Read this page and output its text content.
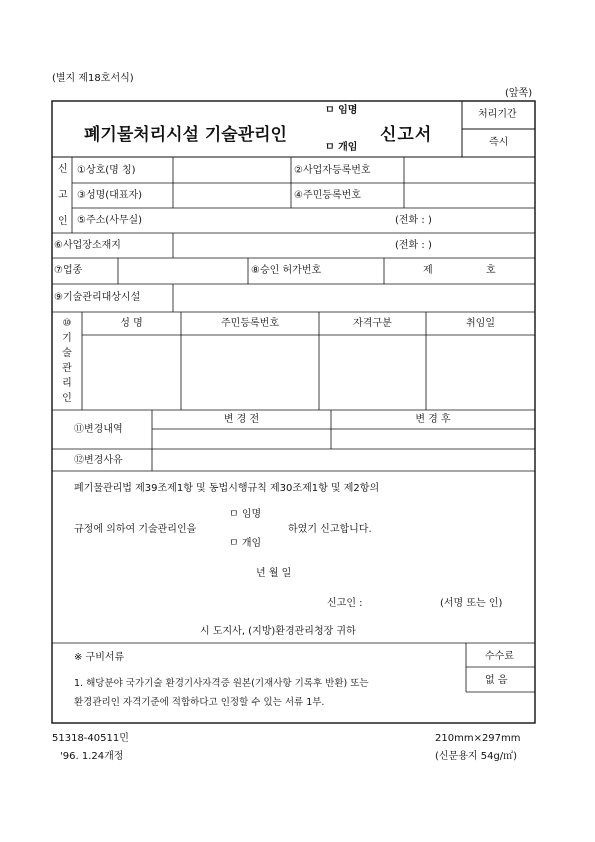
(별지 제18호서식)
(앞쪽)
폐기물처리시설 기술관리인
ㅁ 임명
ㅁ 개임
신고서
처리기간
즉시
신
고
인
①상호(명 칭)	②사업자등록번호
③성명(대표자)	④주민등록번호
⑤주소(사무실)	(전화 : )
⑥사업장소재지	(전화 : )
⑦업종	⑧승인 허가번호	제	호
⑨기술관리대상시설
⑩
기
술
관
리
인
성 명	주민등록번호	자격구분	취임일
⑪변경내역
변 경 전	변 경 후
⑫변경사유
폐기물관리법 제39조제1항 및 동법시행규칙 제30조제1항 및 제2항의
규정에 의하여 기술관리인을
ㅁ 임명
ㅁ 개임
하였기 신고합니다.
년 월 일
신고인 :	(서명 또는 인)
시 도지사, (지방)환경관리청장 귀하
※ 구비서류
1. 해당분야 국가기술 환경기사자격증 원본(기재사항 기록후 반환) 또는
환경관리인 자격기준에 적합하다고 인정할 수 있는 서류 1부.
수수료
없 음
51318-40511민
'96. 1.24개정
210mm×297mm
(신문용지 54g/㎡)
